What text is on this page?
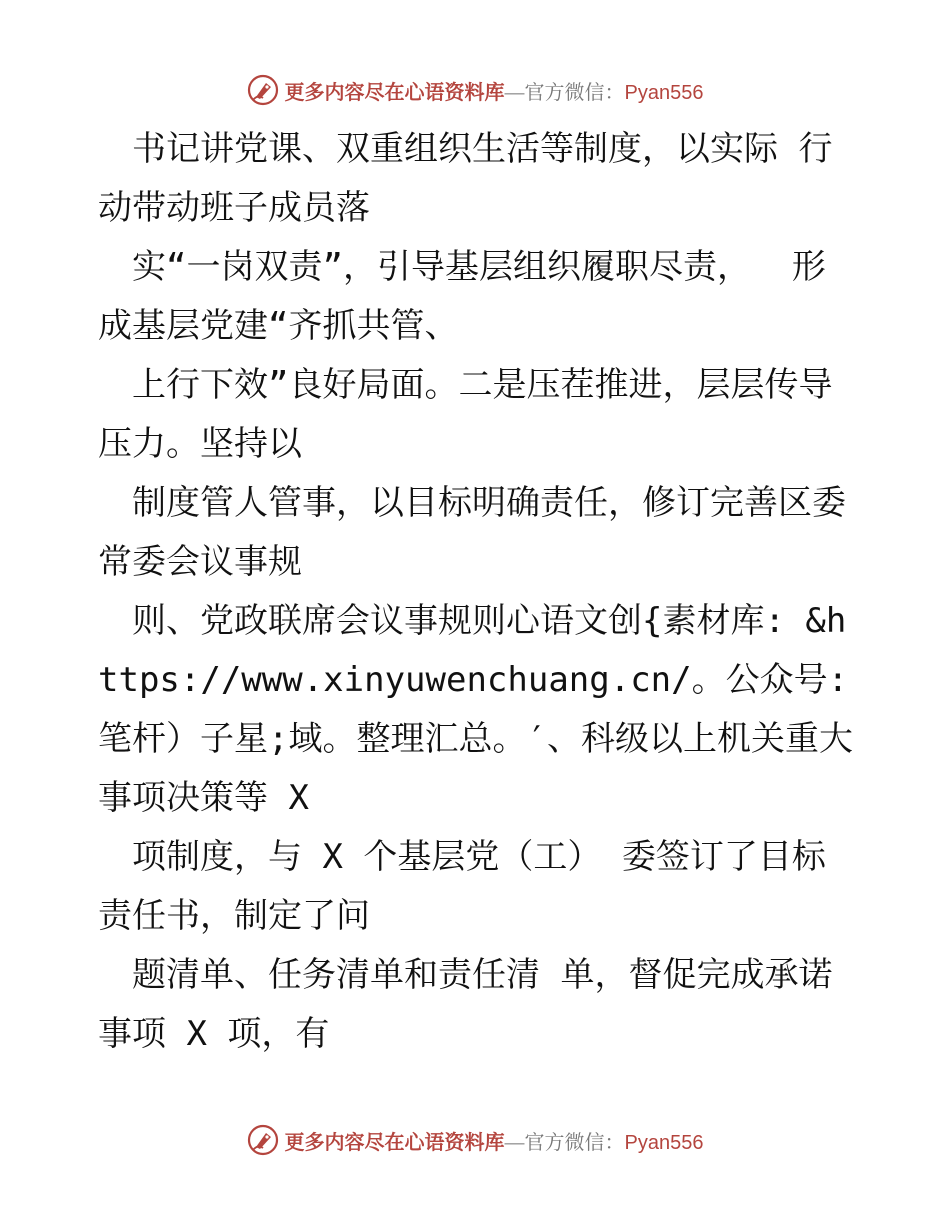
更多内容尽在心语资料库—官方微信：Pyan556

　书记讲党课、双重组织生活等制度，以实际 行动带动班子成员落

　实“一岗双责”，引导基层组织履职尽责，  形成基层党建“齐抓共管、

　上行下效”良好局面。二是压茬推进，层层传导压力。坚持以

　制度管人管事，以目标明确责任，修订完善区委常委会议事规

　则、党政联席会议事规则心语文创{素材库: &https://www.xinyuwenchuang.cn/。公众号: 笔杆）子星;域。整理汇总。′、科级以上机关重大事项决策等 X

　项制度，与 X 个基层党（工） 委签订了目标责任书，制定了问

　题清单、任务清单和责任清 单，督促完成承诺事项 X 项，有

更多内容尽在心语资料库—官方微信：Pyan556
